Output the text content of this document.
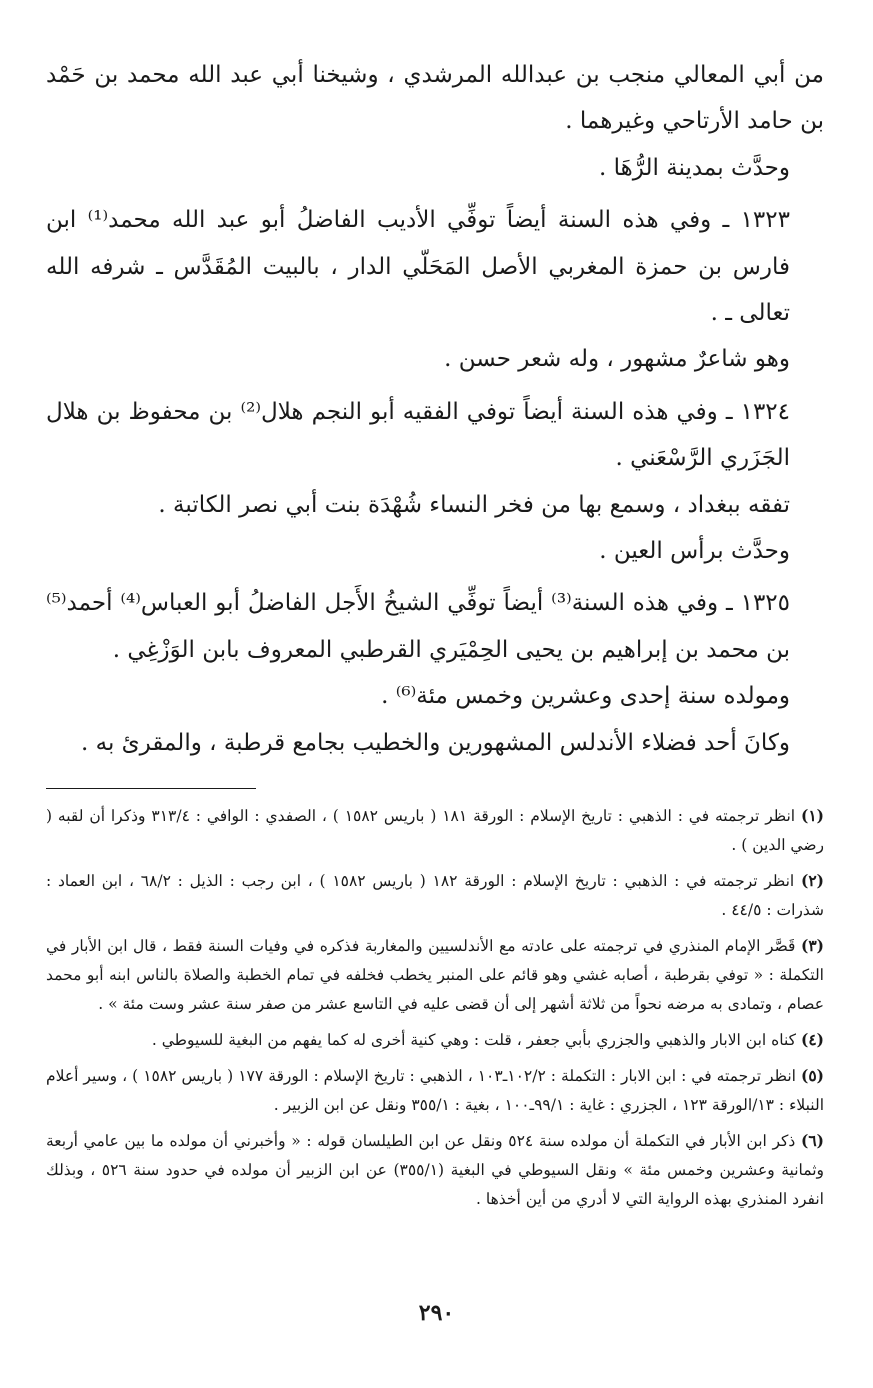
من أبي المعالي منجب بن عبدالله المرشدي ، وشيخنا أبي عبد الله محمد بن حَمْد بن حامد الأرتاحي وغيرهما .

وحدَّث بمدينة الرُّهَا .

١٣٢٣ ـ وفي هذه السنة أيضاً توفِّي الأديب الفاضلُ أبو عبد الله محمد⁽¹⁾ ابن فارس بن حمزة المغربي الأصل المَحَلّي الدار ، بالبيت المُقَدَّس ـ شرفه الله تعالى ـ .

وهو شاعرٌ مشهور ، وله شعر حسن .

١٣٢٤ ـ وفي هذه السنة أيضاً توفي الفقيه أبو النجم هلال⁽²⁾ بن محفوظ بن هلال الجَزَري الرَّسْعَني .

تفقه ببغداد ، وسمع بها من فخر النساء شُهْدَة بنت أبي نصر الكاتبة .

وحدَّث برأس العين .

١٣٢٥ ـ وفي هذه السنة⁽³⁾ أيضاً توفِّي الشيخُ الأَجل الفاضلُ أبو العباس⁽⁴⁾ أحمد⁽⁵⁾ بن محمد بن إبراهيم بن يحيى الحِمْيَري القرطبي المعروف بابن الوَزْغِي .

ومولده سنة إحدى وعشرين وخمس مئة⁽⁶⁾ .

وكانَ أحد فضلاء الأندلس المشهورين والخطيب بجامع قرطبة ، والمقرئ به .

(١) انظر ترجمته في : الذهبي : تاريخ الإسلام : الورقة ١٨١ ( باريس ١٥٨٢ ) ، الصفدي : الوافي : ٣١٣/٤ وذكرا أن لقبه ( رضي الدين ) .

(٢) انظر ترجمته في : الذهبي : تاريخ الإسلام : الورقة ١٨٢ ( باريس ١٥٨٢ ) ، ابن رجب : الذيل : ٦٨/٢ ، ابن العماد : شذرات : ٤٤/٥ .

(٣) قَصَّر الإمام المنذري في ترجمته على عادته مع الأندلسيين والمغاربة فذكره في وفيات السنة فقط ، قال ابن الأبار في التكملة : « توفي بقرطبة ، أصابه غشي وهو قائم على المنبر يخطب فخلفه في تمام الخطبة والصلاة بالناس ابنه أبو محمد عصام ، وتمادى به مرضه نحواً من ثلاثة أشهر إلى أن قضى عليه في التاسع عشر من صفر سنة عشر وست مئة » .

(٤) كناه ابن الابار والذهبي والجزري بأبي جعفر ، قلت : وهي كنية أخرى له كما يفهم من البغية للسيوطي .

(٥) انظر ترجمته في : ابن الابار : التكملة : ١٠٢/٢ـ١٠٣ ، الذهبي : تاريخ الإسلام : الورقة ١٧٧ ( باريس ١٥٨٢ ) ، وسير أعلام النبلاء : ١٣/الورقة ١٢٣ ، الجزري : غاية : ٩٩/١ـ١٠٠ ، بغية : ٣٥٥/١ ونقل عن ابن الزبير .

(٦) ذكر ابن الأبار في التكملة أن مولده سنة ٥٢٤ ونقل عن ابن الطيلسان قوله : « وأخبرني أن مولده ما بين عامي أربعة وثمانية وعشرين وخمس مئة » ونقل السيوطي في البغية (٣٥٥/١) عن ابن الزبير أن مولده في حدود سنة ٥٢٦ ، وبذلك انفرد المنذري بهذه الرواية التي لا أدري من أين أخذها .

٢٩٠
